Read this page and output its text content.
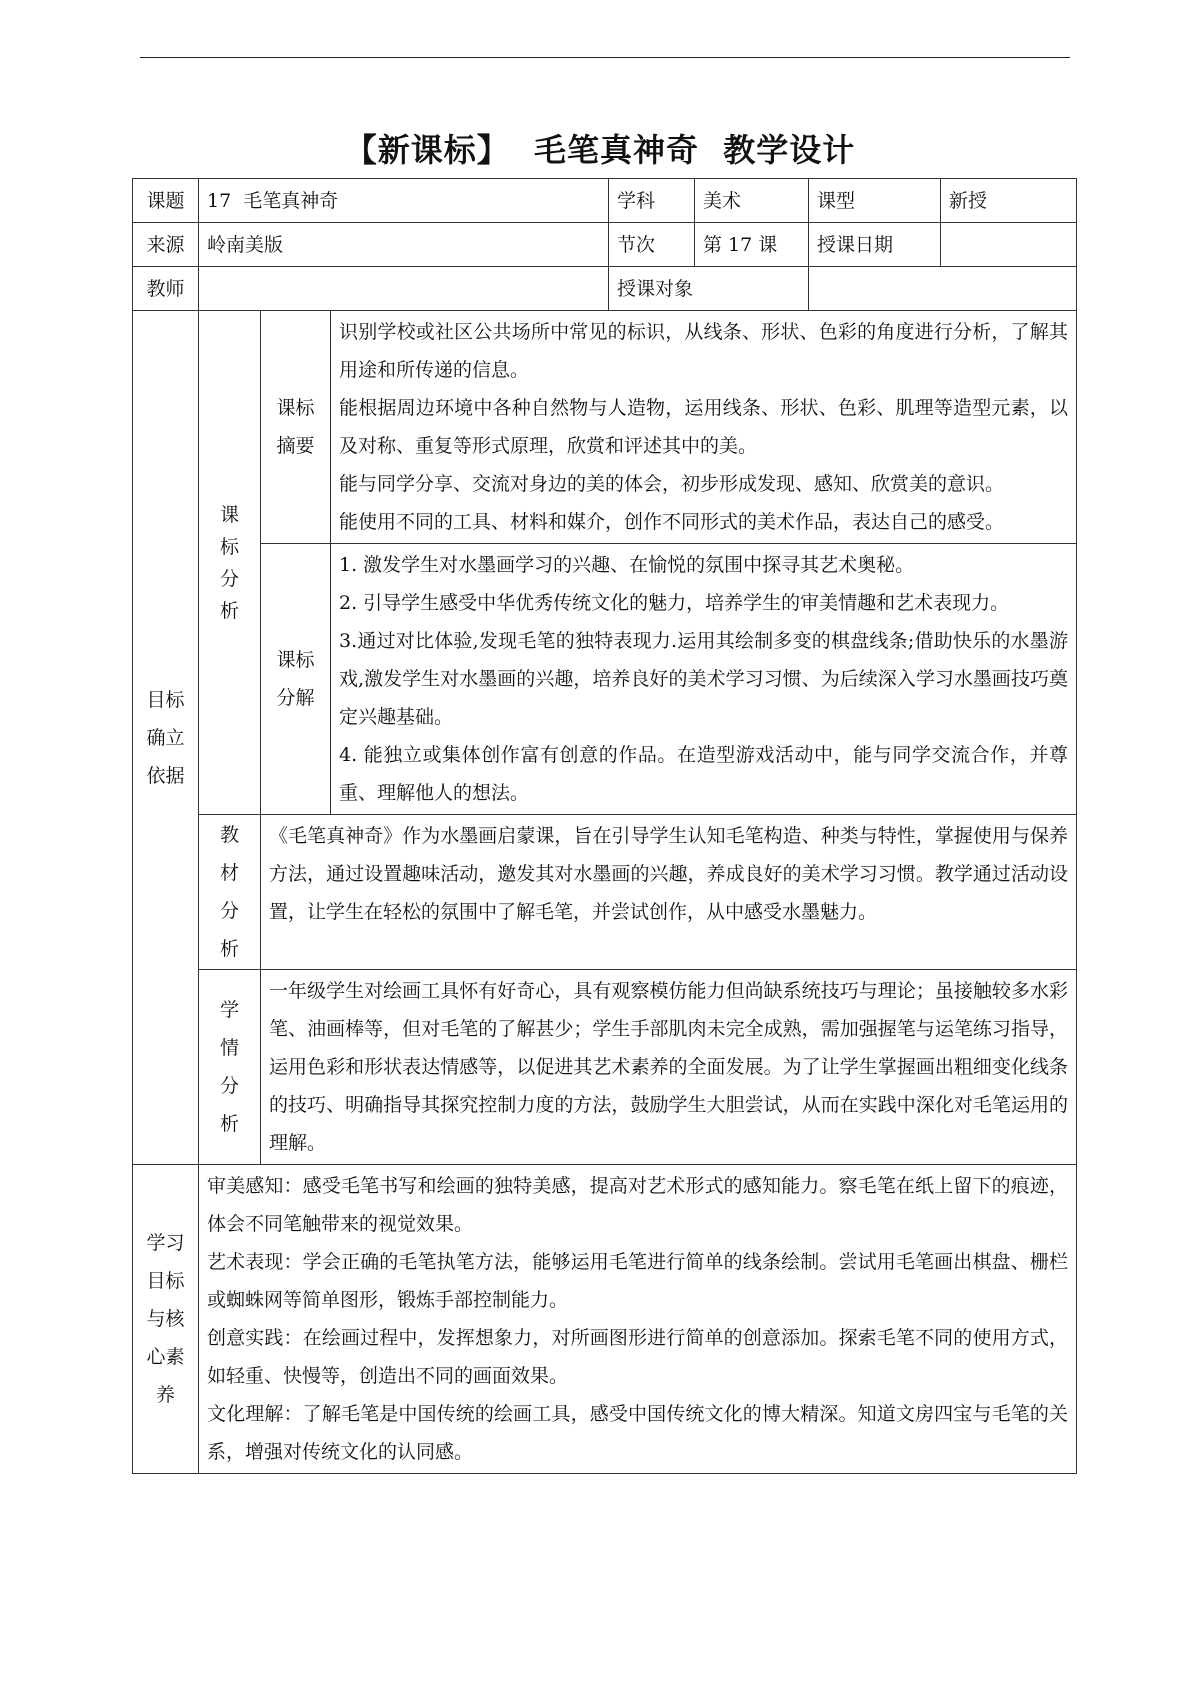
【新课标】  毛笔真神奇  教学设计
课题	17  毛笔真神奇			学科	美术	课型	新授
来源	岭南美版			节次	第 17 课	授课日期	
教师				授课对象			

目标确立依据	课标分析	课标摘要	识别学校或社区公共场所中常见的标识，从线条、形状、色彩的角度进行分析，了解其用途和所传递的信息。

能根据周边环境中各种自然物与人造物，运用线条、形状、色彩、肌理等造型元素，以及对称、重复等形式原理，欣赏和评述其中的美。

能与同学分享、交流对身边的美的体会，初步形成发现、感知、欣赏美的意识。

能使用不同的工具、材料和媒介，创作不同形式的美术作品，表达自己的感受。				

		课标分解	1. 激发学生对水墨画学习的兴趣、在愉悦的氛围中探寻其艺术奥秘。

2. 引导学生感受中华优秀传统文化的魅力，培养学生的审美情趣和艺术表现力。

3.通过对比体验,发现毛笔的独特表现力.运用其绘制多变的棋盘线条;借助快乐的水墨游戏,激发学生对水墨画的兴趣，培养良好的美术学习习惯、为后续深入学习水墨画技巧奠定兴趣基础。

4. 能独立或集体创作富有创意的作品。在造型游戏活动中，能与同学交流合作，并尊重、理解他人的想法。				

	教材分析	《毛笔真神奇》作为水墨画启蒙课，旨在引导学生认知毛笔构造、种类与特性，掌握使用与保养方法，通过设置趣味活动，邀发其对水墨画的兴趣，养成良好的美术学习习惯。教学通过活动设置，让学生在轻松的氛围中了解毛笔，并尝试创作，从中感受水墨魅力。					

	学情分析	一年级学生对绘画工具怀有好奇心，具有观察模仿能力但尚缺系统技巧与理论；虽接触较多水彩笔、油画棒等，但对毛笔的了解甚少；学生手部肌肉未完全成熟，需加强握笔与运笔练习指导，运用色彩和形状表达情感等，以促进其艺术素养的全面发展。为了让学生掌握画出粗细变化线条的技巧、明确指导其探究控制力度的方法，鼓励学生大胆尝试，从而在实践中深化对毛笔运用的理解。					

学习目标与核心素养	审美感知：感受毛笔书写和绘画的独特美感，提高对艺术形式的感知能力。察毛笔在纸上留下的痕迹，体会不同笔触带来的视觉效果。

艺术表现：学会正确的毛笔执笔方法，能够运用毛笔进行简单的线条绘制。尝试用毛笔画出棋盘、栅栏或蜘蛛网等简单图形，锻炼手部控制能力。

创意实践：在绘画过程中，发挥想象力，对所画图形进行简单的创意添加。探索毛笔不同的使用方式，如轻重、快慢等，创造出不同的画面效果。

文化理解：了解毛笔是中国传统的绘画工具，感受中国传统文化的博大精深。知道文房四宝与毛笔的关系，增强对传统文化的认同感。						
